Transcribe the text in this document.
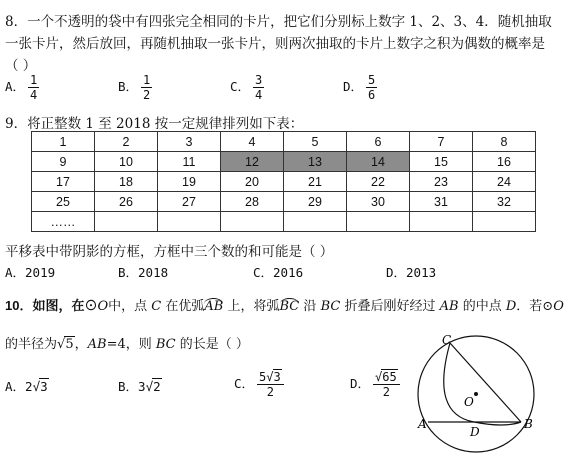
8．一个不透明的袋中有四张完全相同的卡片，把它们分别标上数字 1、2、3、4．随机抽取
一张卡片，然后放回，再随机抽取一张卡片，则两次抽取的卡片上数字之积为偶数的概率是
（ ）
A． $\frac{1}{4}$	B． $\frac{1}{2}$	C． $\frac{3}{4}$	D． $\frac{5}{6}$
9．将正整数 1 至 2018 按一定规律排列如下表：
1	2	3	4	5	6	7	8
9	10	11	12	13	14	15	16
17	18	19	20	21	22	23	24
25	26	27	28	29	30	31	32
……							
平移表中带阴影的方框，方框中三个数的和可能是（ ）
A．2019	B．2018	C．2016	D．2013
10．如图，在⊙O中，点 C 在优弧AB 上，将弧BC 沿 BC 折叠后刚好经过 AB 的中点 D．若⊙O
的半径为√5，AB=4，则 BC 的长是（ ）
A．2√3	B．3√2	C． $\frac{5√3}{2}$	D． $\frac{√65}{2}$
C
O
A
D
B
